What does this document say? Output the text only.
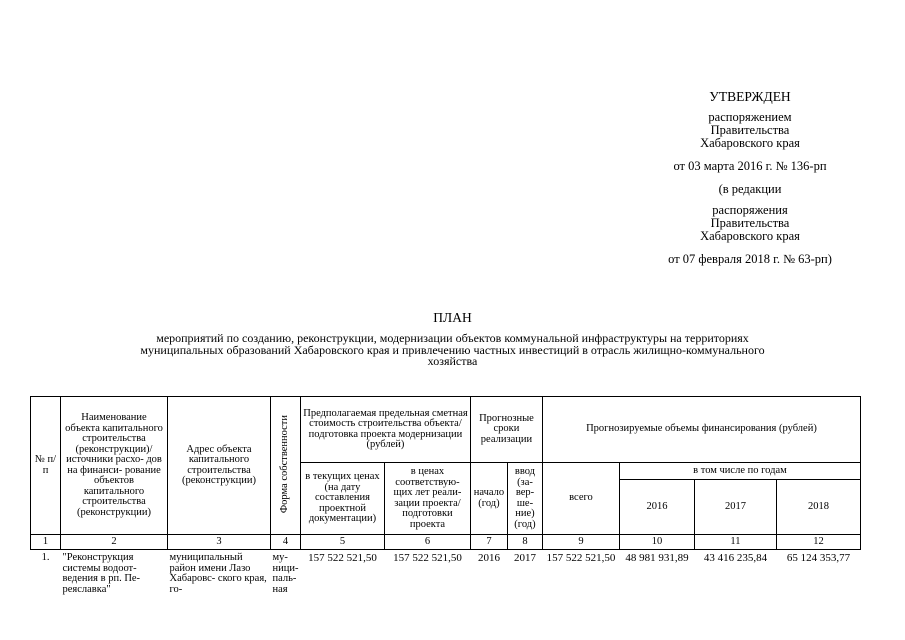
УТВЕРЖДЕН
распоряжением
Правительства
Хабаровского края
от 03 марта 2016 г. № 136-рп
(в редакции
распоряжения
Правительства
Хабаровского края
от 07 февраля 2018 г. № 63-рп)
ПЛАН
мероприятий по созданию, реконструкции, модернизации объектов коммунальной инфраструктуры на территориях муниципальных образований Хабаровского края и привлечению частных инвестиций в отрасль жилищно-коммунального хозяйства
№ п/п	Наименование объекта капитального строительства (реконструкции)/ источники расхо- дов на финанси- рование объектов капитального строительства (реконструкции)	Адрес объекта капитального строительства (реконструкции)	Форма собственности	Предполагаемая предельная сметная стоимость строительства объекта/ подготовка проекта модернизации (рублей)		Прогнозные сроки реализации		Прогнозируемые объемы финансирования (рублей)			
				в текущих ценах (на дату составления проектной документации)	в ценах соответствую- щих лет реали- зации проекта/ подготовки проекта	начало (год)	ввод (за- вер- ше- ние) (год)	всего	в том числе по годам		
									2016	2017	2018
1	2	3	4	5	6	7	8	9	10	11	12
1.	"Реконструкция системы водоот- ведения в рп. Пе- реяславка"	муниципальный район имени Лазо Хабаровс- ского края, го-	му- ници- паль- ная	157 522 521,50	157 522 521,50	2016	2017	157 522 521,50	48 981 931,89	43 416 235,84	65 124 353,77
